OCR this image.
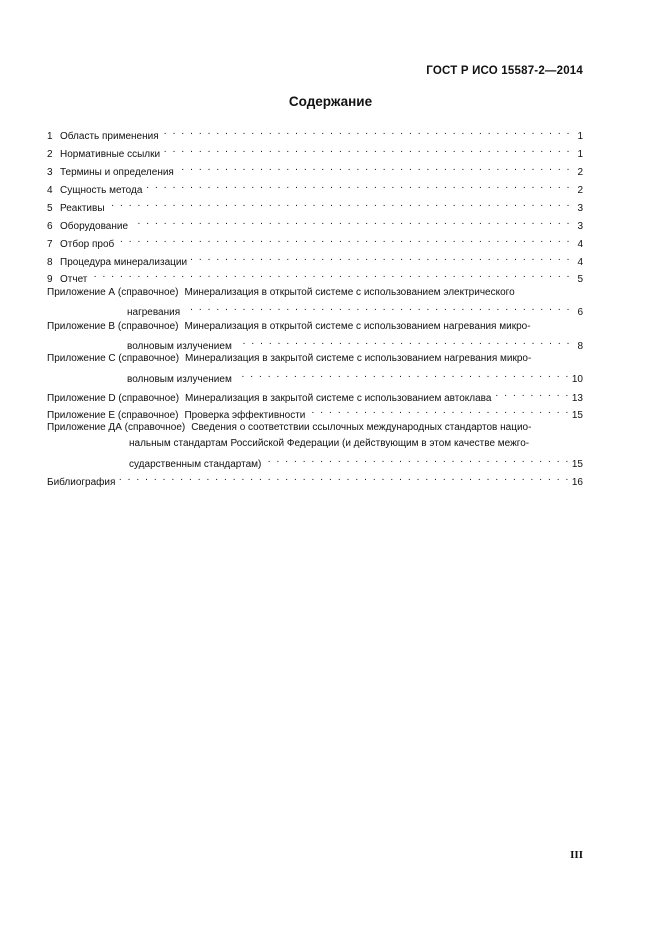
ГОСТ Р ИСО 15587-2—2014
Содержание
1 Область применения . . .	1
2 Нормативные ссылки . . .	1
3 Термины и определения . . .	2
4 Сущность метода . . .	2
5 Реактивы . . .	3
6 Оборудование . . .	3
7 Отбор проб . . .	4
8 Процедура минерализации . . .	4
9 Отчет . . .	5
Приложение А (справочное) Минерализация в открытой системе с использованием электрического
нагревания . . .	6
Приложение В (справочное) Минерализация в открытой системе с использованием нагревания микро-
волновым излучением . . .	8
Приложение С (справочное) Минерализация в закрытой системе с использованием нагревания микро-
волновым излучением . . .	10
Приложение D (справочное) Минерализация в закрытой системе с использованием автоклава . . .	13
Приложение Е (справочное) Проверка эффективности . . .	15
Приложение ДА (справочное) Сведения о соответствии ссылочных международных стандартов нацио-
нальным стандартам Российской Федерации (и действующим в этом качестве межго-
сударственным стандартам) . . .	15
Библиография . . .	16
III
